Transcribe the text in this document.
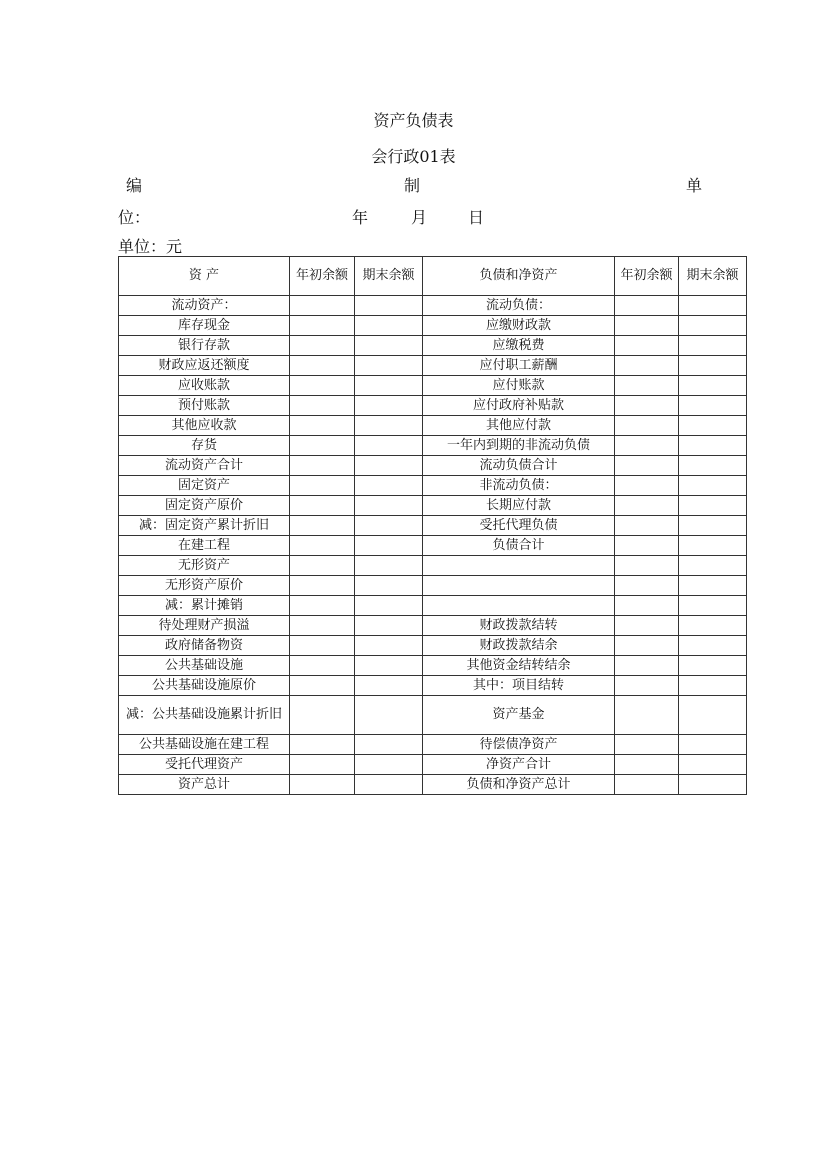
资产负债表
会行政01表
编	制	单
位：	年	月	日
单位：元
资 产	年初余额	期末余额	负债和净资产	年初余额	期末余额
流动资产：			流动负债：		
库存现金			应缴财政款		
银行存款			应缴税费		
财政应返还额度			应付职工薪酬		
应收账款			应付账款		
预付账款			应付政府补贴款		
其他应收款			其他应付款		
存货			一年内到期的非流动负债		
流动资产合计			流动负债合计		
固定资产			非流动负债：		
固定资产原价			长期应付款		
减：固定资产累计折旧			受托代理负债		
在建工程			负债合计		
无形资产					
无形资产原价					
减：累计摊销					
待处理财产损溢			财政拨款结转		
政府储备物资			财政拨款结余		
公共基础设施			其他资金结转结余		
公共基础设施原价			其中：项目结转		
减：公共基础设施累计折旧			资产基金		
公共基础设施在建工程			待偿债净资产		
受托代理资产			净资产合计		
资产总计			负债和净资产总计		
